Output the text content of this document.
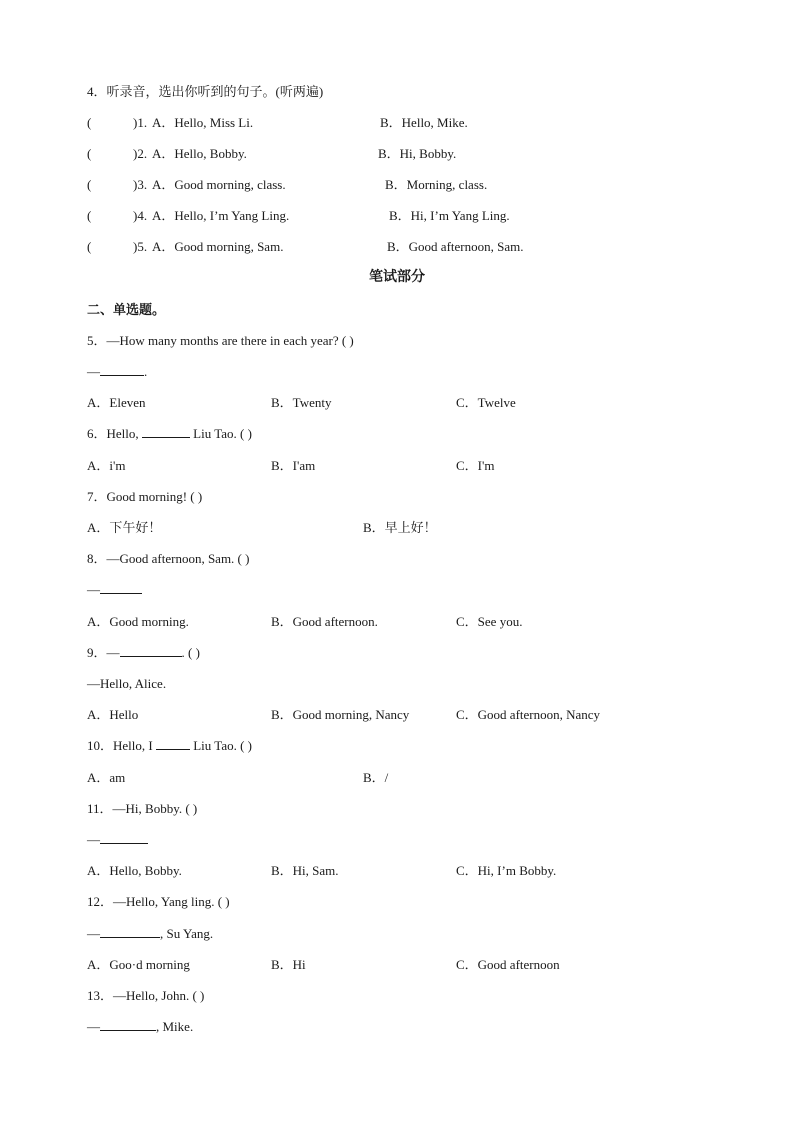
4．听录音，选出你听到的句子。(听两遍)
(	)1. A．Hello, Miss Li.	B．Hello, Mike.
(	)2. A．Hello, Bobby.	B．Hi, Bobby.
(	)3. A．Good morning, class.	B．Morning, class.
(	)4. A．Hello, I’m Yang Ling.	B．Hi, I’m Yang Ling.
(	)5. A．Good morning, Sam.	B．Good afternoon, Sam.
笔试部分
二、单选题。
5．—How many months are there in each year? ( )
—	.
A．Eleven	B．Twenty	C．Twelve
6．Hello,	Liu Tao. ( )
A．i'm	B．I'am	C．I'm
7．Good morning! ( )
A．下午好！	B．早上好！
8．—Good afternoon, Sam. ( )
—
A．Good morning.	B．Good afternoon.	C．See you.
9．—	. ( )
—Hello, Alice.
A．Hello	B．Good morning, Nancy	C．Good afternoon, Nancy
10．Hello, I	Liu Tao. ( )
A．am	B．/
11．—Hi, Bobby. ( )
—
A．Hello, Bobby.	B．Hi, Sam.	C．Hi, I’m Bobby.
12．—Hello, Yang ling. ( )
—	, Su Yang.
A．Goo·d morning	B．Hi	C．Good afternoon
13．—Hello, John. ( )
—	, Mike.
